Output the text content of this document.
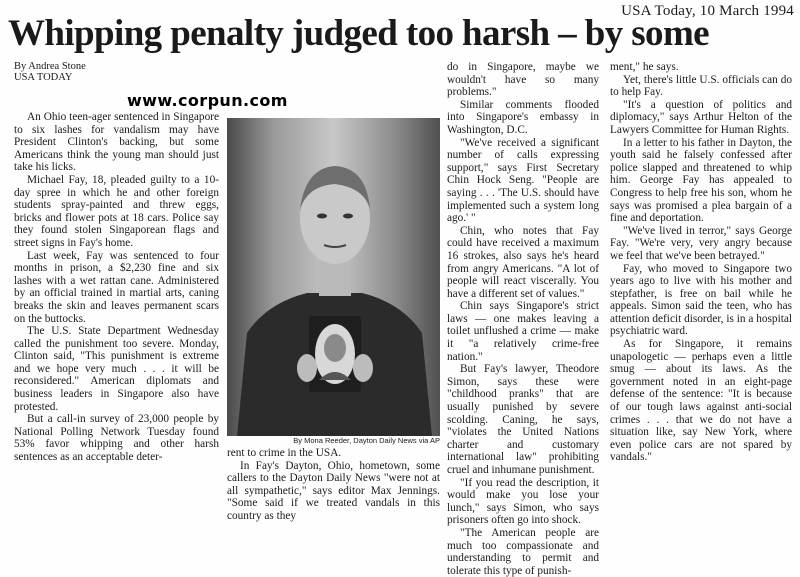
USA Today, 10 March 1994
Whipping penalty judged too harsh – by some
By Andrea Stone
USA TODAY
www.corpun.com

An Ohio teen-ager sentenced in Singapore to six lashes for vandalism may have President Clinton's backing, but some Americans think the young man should just take his licks.

Michael Fay, 18, pleaded guilty to a 10-day spree in which he and other foreign students spray-painted and threw eggs, bricks and flower pots at 18 cars. Police say they found stolen Singaporean flags and street signs in Fay's home.

Last week, Fay was sentenced to four months in prison, a $2,230 fine and six lashes with a wet rattan cane. Administered by an official trained in martial arts, caning breaks the skin and leaves permanent scars on the buttocks.

The U.S. State Department Wednesday called the punishment too severe. Monday, Clinton said, "This punishment is extreme and we hope very much . . . it will be reconsidered." American diplomats and business leaders in Singapore also have protested.

But a call-in survey of 23,000 people by National Polling Network Tuesday found 53% favor whipping and other harsh sentences as an acceptable deter-

By Mona Reeder, Dayton Daily News via AP

rent to crime in the USA.

In Fay's Dayton, Ohio, hometown, some callers to the Dayton Daily News "were not at all sympathetic," says editor Max Jennings. "Some said if we treated vandals in this country as they

do in Singapore, maybe we wouldn't have so many problems."

Similar comments flooded into Singapore's embassy in Washington, D.C.

"We've received a significant number of calls expressing support," says First Secretary Chin Hock Seng. "People are saying . . . 'The U.S. should have implemented such a system long ago.' "

Chin, who notes that Fay could have received a maximum 16 strokes, also says he's heard from angry Americans. "A lot of people will react viscerally. You have a different set of values."

Chin says Singapore's strict laws — one makes leaving a toilet unflushed a crime — make it "a relatively crime-free nation."

But Fay's lawyer, Theodore Simon, says these were "childhood pranks" that are usually punished by severe scolding. Caning, he says, "violates the United Nations charter and customary international law" prohibiting cruel and inhumane punishment.

"If you read the description, it would make you lose your lunch," says Simon, who says prisoners often go into shock.

"The American people are much too compassionate and understanding to permit and tolerate this type of punish-

ment," he says.

Yet, there's little U.S. officials can do to help Fay.

"It's a question of politics and diplomacy," says Arthur Helton of the Lawyers Committee for Human Rights.

In a letter to his father in Dayton, the youth said he falsely confessed after police slapped and threatened to whip him. George Fay has appealed to Congress to help free his son, whom he says was promised a plea bargain of a fine and deportation.

"We've lived in terror," says George Fay. "We're very, very angry because we feel that we've been betrayed."

Fay, who moved to Singapore two years ago to live with his mother and stepfather, is free on bail while he appeals. Simon said the teen, who has attention deficit disorder, is in a hospital psychiatric ward.

As for Singapore, it remains unapologetic — perhaps even a little smug — about its laws. As the government noted in an eight-page defense of the sentence: "It is because of our tough laws against anti-social crimes . . . that we do not have a situation like, say New York, where even police cars are not spared by vandals."
